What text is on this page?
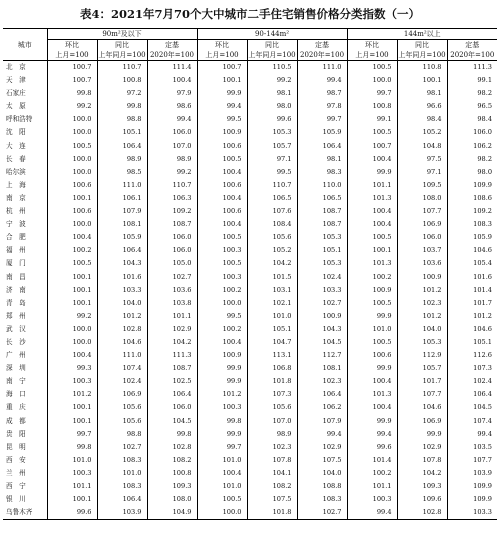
表4：2021年7月70个大中城市二手住宅销售价格分类指数（一）
城市	90m²及以下			90-144m²			144m²以上		
	环比	同比	定基	环比	同比	定基	环比	同比	定基
	上月=100	上年同月=100	2020年=100	上月=100	上年同月=100	2020年=100	上月=100	上年同月=100	2020年=100
北　京	100.7	110.7	111.4	100.7	110.5	111.0	100.5	110.8	111.3
天　津	100.7	100.8	100.4	100.1	99.2	99.4	100.0	100.1	99.1
石家庄	99.8	97.2	97.9	99.9	98.1	98.7	99.7	98.1	98.2
太　原	99.2	99.8	98.6	99.4	98.0	97.8	100.8	96.6	96.5
呼和浩特	100.0	98.8	99.4	99.5	99.6	99.7	99.1	98.4	98.4
沈　阳	100.0	105.1	106.0	100.9	105.3	105.9	100.5	105.2	106.0
大　连	100.5	106.4	107.0	100.6	105.7	106.4	100.7	104.8	106.2
长　春	100.0	98.9	98.9	100.5	97.1	98.1	100.4	97.5	98.2
哈尔滨	100.0	98.5	99.2	100.4	99.5	98.3	99.9	97.1	98.0
上　海	100.6	111.0	110.7	100.6	110.7	110.0	101.1	109.5	109.9
南　京	100.1	106.1	106.3	100.4	106.5	106.5	101.3	108.0	108.6
杭　州	100.6	107.9	109.2	100.6	107.6	108.7	100.4	107.7	109.2
宁　波	100.0	108.1	108.7	100.4	108.4	108.7	100.4	106.9	108.3
合　肥	100.4	105.9	106.0	100.5	105.6	105.3	100.5	106.0	105.9
福　州	100.2	106.4	106.0	100.3	105.2	105.1	100.1	103.7	104.6
厦　门	100.5	104.3	105.0	100.5	104.2	105.3	101.3	103.6	105.4
南　昌	100.1	101.6	102.7	100.3	101.5	102.4	100.2	100.9	101.6
济　南	100.1	103.3	103.6	100.2	103.1	103.3	100.9	101.2	101.4
青　岛	100.1	104.0	103.8	100.0	102.1	102.7	100.5	102.3	101.7
郑　州	99.2	101.2	101.1	99.5	101.0	100.9	99.9	101.2	101.2
武　汉	100.0	102.8	102.9	100.2	105.1	104.3	101.0	104.0	104.6
长　沙	100.0	104.6	104.2	100.4	104.7	104.5	100.5	105.3	105.1
广　州	100.4	111.0	111.3	100.9	113.1	112.7	100.6	112.9	112.6
深　圳	99.3	107.4	108.7	99.9	106.8	108.1	99.9	105.7	107.3
南　宁	100.3	102.4	102.5	99.9	101.8	102.3	100.4	101.7	102.4
海　口	101.2	106.9	106.4	101.2	107.3	106.4	101.3	107.7	106.4
重　庆	100.1	105.6	106.0	100.3	105.6	106.2	100.4	104.6	104.5
成　都	100.1	105.6	104.5	99.8	107.0	107.9	99.9	106.9	107.4
贵　阳	99.7	98.8	99.8	99.9	98.9	99.4	99.4	99.9	99.4
昆　明	99.8	102.7	102.8	99.7	102.3	102.9	99.6	102.9	103.5
西　安	101.0	108.3	108.2	101.0	107.8	107.5	101.4	107.8	107.7
兰　州	100.3	101.0	100.8	100.4	104.1	104.0	100.2	104.2	103.9
西　宁	101.1	108.3	109.3	101.0	108.2	108.8	101.1	109.3	109.9
银　川	100.1	106.4	108.0	100.5	107.5	108.3	100.3	109.6	109.9
乌鲁木齐	99.6	103.9	104.9	100.0	101.8	102.7	99.4	102.8	103.3
